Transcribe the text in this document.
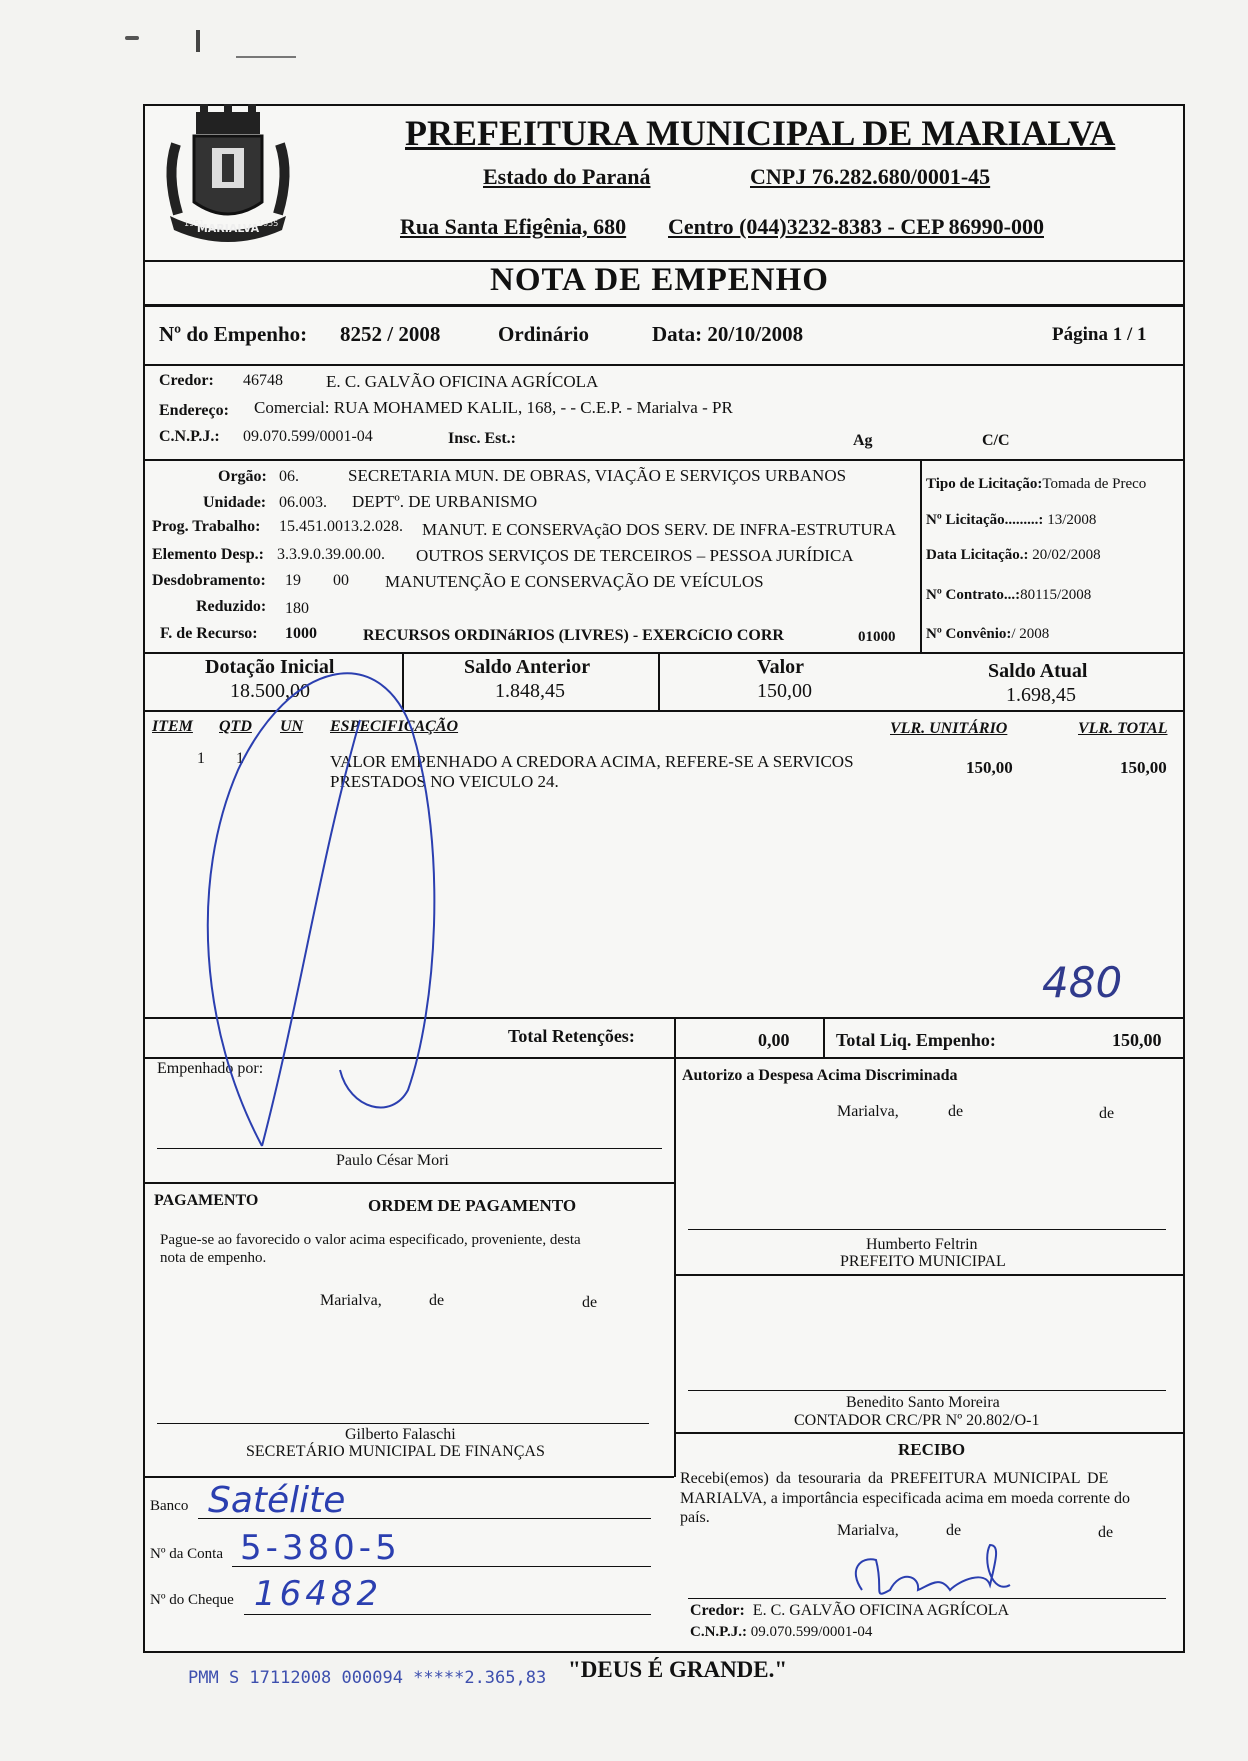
MARIALVA
1951	1955
PREFEITURA MUNICIPAL DE MARIALVA
Estado do Paraná	CNPJ 76.282.680/0001-45
Rua Santa Efigênia, 680 Centro (044)3232-8383 - CEP 86990-000
NOTA DE EMPENHO
Nº do Empenho: 8252 / 2008	Ordinário	Data: 20/10/2008	Página 1 / 1
Credor: 46748	E. C. GALVÃO OFICINA AGRÍCOLA
Endereço: Comercial: RUA MOHAMED KALIL, 168, - - C.E.P. - Marialva - PR
C.N.P.J.: 09.070.599/0001-04	Insc. Est.:	Ag	C/C
Orgão: 06.	SECRETARIA MUN. DE OBRAS, VIAÇÃO E SERVIÇOS URBANOS
Unidade: 06.003. DEPTº. DE URBANISMO
Prog. Trabalho: 15.451.0013.2.028. MANUT. E CONSERVAçãO DOS SERV. DE INFRA-ESTRUTURA
Elemento Desp.: 3.3.9.0.39.00.00. OUTROS SERVIÇOS DE TERCEIROS – PESSOA JURÍDICA
Desdobramento: 19 00 MANUTENÇÃO E CONSERVAÇÃO DE VEÍCULOS
Reduzido: 180
F. de Recurso: 1000	RECURSOS ORDINáRIOS (LIVRES) - EXERCíCIO CORR	01000
Tipo de Licitação:Tomada de Preco
Nº Licitação.........: 13/2008
Data Licitação.: 20/02/2008
Nº Contrato...:80115/2008
Nº Convênio:/ 2008
Dotação Inicial
18.500,00
Saldo Anterior
1.848,45
Valor
150,00
Saldo Atual
1.698,45
ITEM QTD UN ESPECIFICAÇÃO	VLR. UNITÁRIO	VLR. TOTAL
1 1	VALOR EMPENHADO A CREDORA ACIMA, REFERE-SE A SERVICOS
PRESTADOS NO VEICULO 24.
150,00	150,00
480
Total Retenções:	0,00	Total Liq. Empenho:	150,00
Empenhado por:
Paulo César Mori
Autorizo a Despesa Acima Discriminada
Marialva,	de	de
Humberto Feltrin
PREFEITO MUNICIPAL
PAGAMENTO	ORDEM DE PAGAMENTO
Pague-se ao favorecido o valor acima especificado, proveniente, desta
nota de empenho.
Marialva,	de	de
Gilberto Falaschi
SECRETÁRIO MUNICIPAL DE FINANÇAS
Benedito Santo Moreira
CONTADOR CRC/PR Nº 20.802/O-1
RECIBO
Recebi(emos) da tesouraria da PREFEITURA MUNICIPAL DE
MARIALVA, a importância especificada acima em moeda corrente do
país.
Marialva,	de	de
Credor: E. C. GALVÃO OFICINA AGRÍCOLA
C.N.P.J.: 09.070.599/0001-04
Banco Satélite
Nº da Conta 5-380-5
Nº do Cheque 16482
PMM S 17112008 000094 *****2.365,83 "DEUS É GRANDE."
